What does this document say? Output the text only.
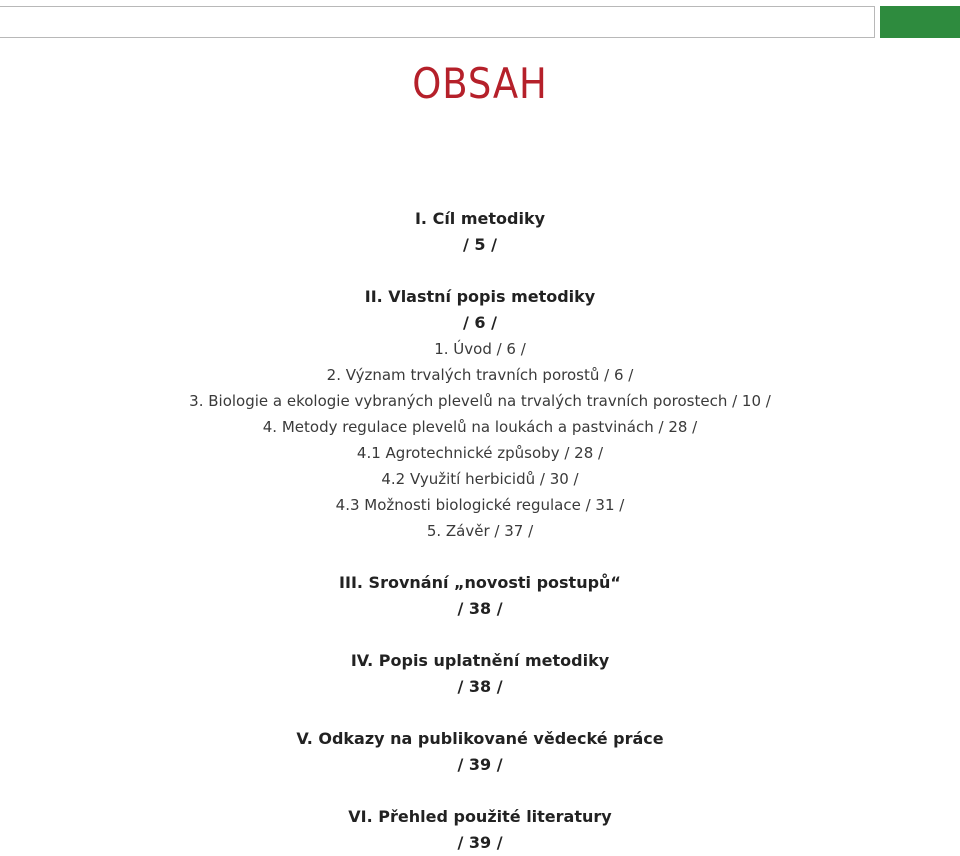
OBSAH
I. Cíl metodiky
/ 5 /
II. Vlastní popis metodiky
/ 6 /
1. Úvod / 6 /
2. Význam trvalých travních porostů / 6 /
3. Biologie a ekologie vybraných plevelů na trvalých travních porostech / 10 /
4. Metody regulace plevelů na loukách a pastvinách / 28 /
4.1 Agrotechnické způsoby / 28 /
4.2 Využití herbicidů / 30 /
4.3 Možnosti biologické regulace / 31 /
5. Závěr / 37 /
III. Srovnání „novosti postupů“
/ 38 /
IV. Popis uplatnění metodiky
/ 38 /
V. Odkazy na publikované vědecké práce
/ 39 /
VI. Přehled použité literatury
/ 39 /
